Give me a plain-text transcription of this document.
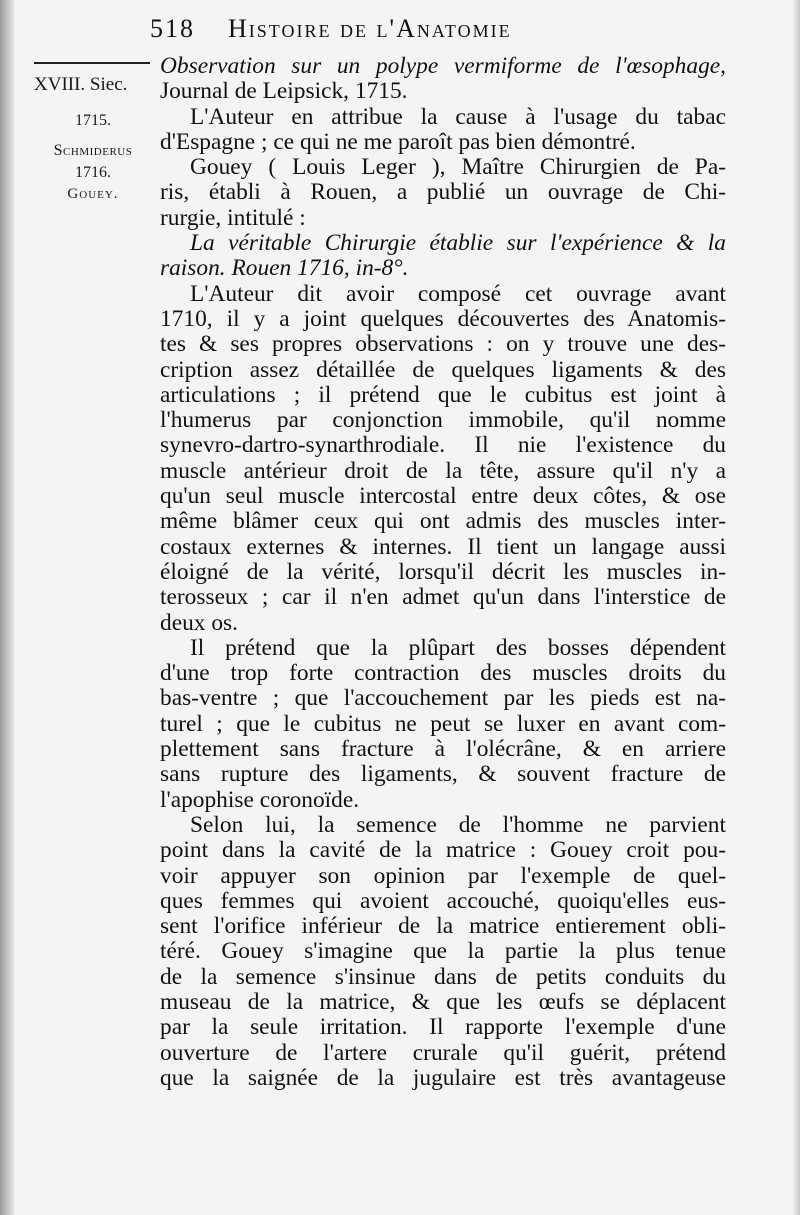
518 Histoire de l'Anatomie
XVIII. Siec.
1715.
Schmiderus
1716.
Gouey.
Observation sur un polype vermiforme de l'œsophage,
Journal de Leipsick, 1715.
L'Auteur en attribue la cause à l'usage du tabac
d'Espagne ; ce qui ne me paroît pas bien démontré.
Gouey ( Louis Leger ), Maître Chirurgien de Pa-
ris, établi à Rouen, a publié un ouvrage de Chi-
rurgie, intitulé :
La véritable Chirurgie établie sur l'expérience & la
raison. Rouen 1716, in-8°.
L'Auteur dit avoir composé cet ouvrage avant
1710, il y a joint quelques découvertes des Anatomis-
tes & ses propres observations : on y trouve une des-
cription assez détaillée de quelques ligaments & des
articulations ; il prétend que le cubitus est joint à
l'humerus par conjonction immobile, qu'il nomme
synevro-dartro-synarthrodiale. Il nie l'existence du
muscle antérieur droit de la tête, assure qu'il n'y a
qu'un seul muscle intercostal entre deux côtes, & ose
même blâmer ceux qui ont admis des muscles inter-
costaux externes & internes. Il tient un langage aussi
éloigné de la vérité, lorsqu'il décrit les muscles in-
terosseux ; car il n'en admet qu'un dans l'interstice de
deux os.
Il prétend que la plûpart des bosses dépendent
d'une trop forte contraction des muscles droits du
bas-ventre ; que l'accouchement par les pieds est na-
turel ; que le cubitus ne peut se luxer en avant com-
plettement sans fracture à l'olécrâne, & en arriere
sans rupture des ligaments, & souvent fracture de
l'apophise coronoïde.
Selon lui, la semence de l'homme ne parvient
point dans la cavité de la matrice : Gouey croit pou-
voir appuyer son opinion par l'exemple de quel-
ques femmes qui avoient accouché, quoiqu'elles eus-
sent l'orifice inférieur de la matrice entierement obli-
téré. Gouey s'imagine que la partie la plus tenue
de la semence s'insinue dans de petits conduits du
museau de la matrice, & que les œufs se déplacent
par la seule irritation. Il rapporte l'exemple d'une
ouverture de l'artere crurale qu'il guérit, prétend
que la saignée de la jugulaire est très avantageuse
